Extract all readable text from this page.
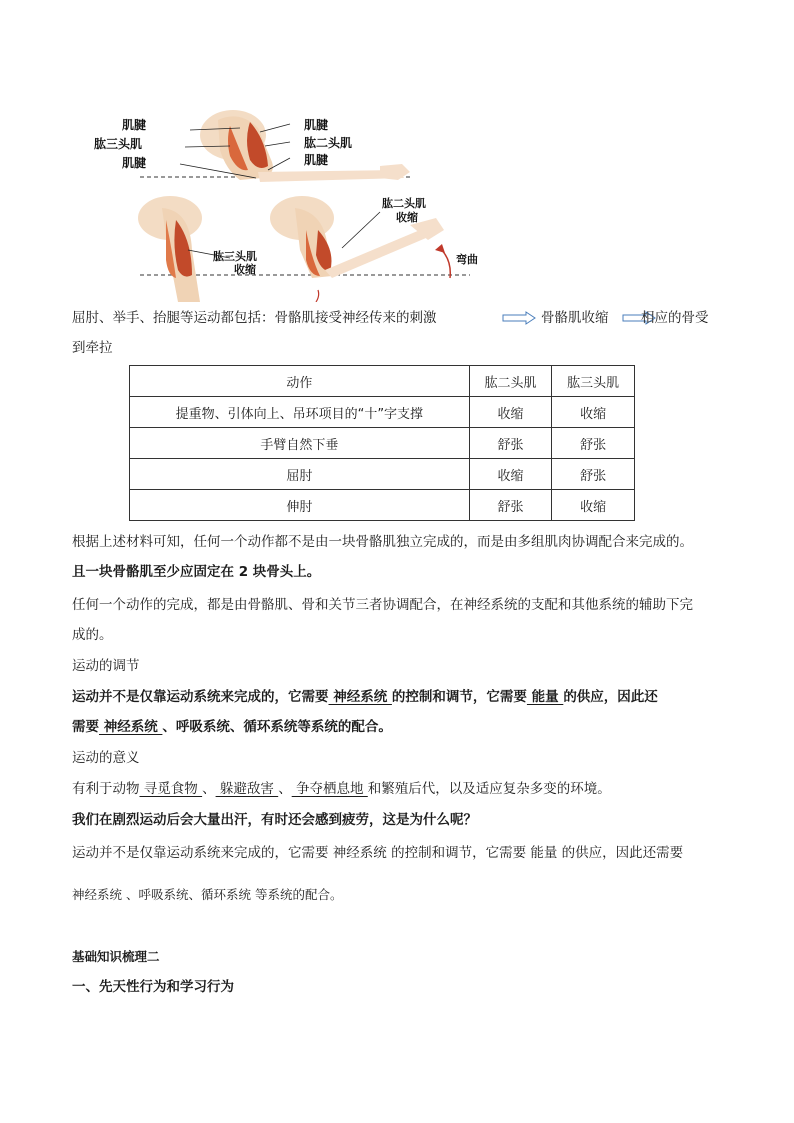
肌腱
肱三头肌
肌腱
肌腱
肱二头肌
肌腱
肱二头肌
收缩
肱三头肌
收缩
弯曲
屈肘、举手、抬腿等运动都包括：骨骼肌接受神经传来的刺激	骨骼肌收缩 相应的骨受
到牵拉
动作	肱二头肌	肱三头肌
提重物、引体向上、吊环项目的“十”字支撑	收缩	收缩
手臂自然下垂	舒张	舒张
屈肘	收缩	舒张
伸肘	舒张	收缩
根据上述材料可知，任何一个动作都不是由一块骨骼肌独立完成的，而是由多组肌肉协调配合来完成的。
且一块骨骼肌至少应固定在 2 块骨头上。
任何一个动作的完成，都是由骨骼肌、骨和关节三者协调配合，在神经系统的支配和其他系统的辅助下完
成的。
运动的调节
运动并不是仅靠运动系统来完成的，它需要 神经系统 的控制和调节，它需要 能量 的供应，因此还
需要 神经系统 、呼吸系统、循环系统等系统的配合。
运动的意义
有利于动物 寻觅食物 、 躲避敌害 、 争夺栖息地 和繁殖后代，以及适应复杂多变的环境。
我们在剧烈运动后会大量出汗，有时还会感到疲劳，这是为什么呢？
运动并不是仅靠运动系统来完成的，它需要 神经系统 的控制和调节，它需要 能量 的供应，因此还需要
神经系统 、呼吸系统、循环系统 等系统的配合。
基础知识梳理二
一、先天性行为和学习行为
